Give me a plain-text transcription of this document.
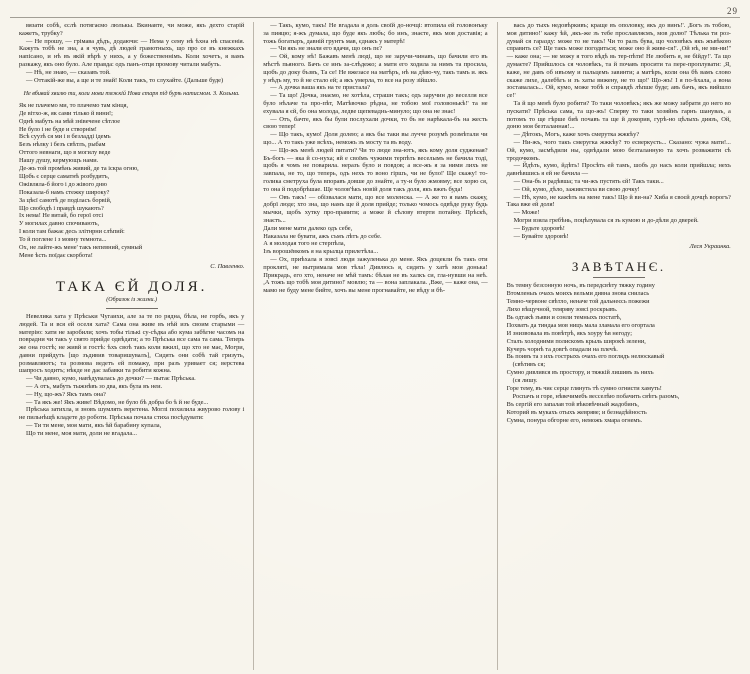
29

вязати собѣ, єслѣ потягаємо люлькы. Вкинавте, чи може, якъ дехто старій кажетъ, трубку?

— Не прошу, — грімава дѣдъ, додаючи: — Нема у сему нѣ ѣхна нѣ спасенія. Кажуть тобѣ не зна, а я чувъ, дѣ людей грамотныхъ, що про се въ кнежкахъ напісано, и нѣ въ якій вѣрѣ у нихъ, а у божественнімъ. Коли хочетъ, я вамъ разкажу, якъ оно було. Але правда: одъ панъ-отця промову читали мабуть.

— Нѣ, не знаю, — сказавъ той.

— Оттакій-же вы, а ще и те знай! Коли такъ, то слухайте. (Дальше буде)

Не вбивай хвилю ти, коли мови тяжкій Нова єтаря під бурѣ натисмом. З. Кольма.
Як не плачемо ми, то плачемо там кінця,
Де вітхо-ж, як сами тілько й вини!;
Однѣ мабуть на мѣй знівечене сѣтлое
Не було і не буде и створнім!
Всѣ суузѣ ся ми і в безладді ідемъ
Безъ нѣлку і безъ свѣтлъ, рыбам
Оттого невнаги, що в могилу веде
Нашу душу, кермующъ нами.
Де-жъ той промѣнь живий, де та іскра огню,
Щобъ є серце саматнѣ розбудитъ,
Ожівляла-б його і до жівого дню
Показала-б намъ стежку широку?
За цѣєї самотѣ де поділасъ борвій,
Що свободѣ і правдѣ шукають?
Іх нема! Не витай, бо герої отсі
У могилах давно спочивають,
І коли там бажає десь злітнрни слѣпий:
То й поглене і з мовну темнота...
Ох, не лайте-жъ мене' такъ непевний, сумный
Мене ѣсть поїдає скорбота!
С. Павленко.
ТАКА ЄЙ ДОЛЯ.
(Образок із жизни.)

Невелика хата у Прѣськи Чугаихи, але за те по рядна, бѣла, не горбъ, якъ у людей. Та и вся ей оселя хата? Сама она живе въ нѣй изъ своим старыми — матерію: хати не заробили; хочъ тобы тількі су-сѣдка або кума забѣгне часомъ на поврадни чи такъ у свято прийде одвѣдати; а то Прѣська все сама та сама. Теперь же она гостѣ; не живй и гостѣ: ѣхъ своѣ такъ коли вжилі, що хто не має, Могри, давни прийдуть [що зъдивив товаришувалъ], Сидять они собѣ тай гризуть, розмавляютъ; та розмова ведетъ ей помажу, при разъ уривает ся; верстева шапросъ ходитъ; нѣкде не дає забавки та робити кожна.

— Чи давно, кумо, навѣдувалась до дочки? — пытає Прѣська.

— А отъ, мабуть тыжнѣвъ зо два, якъ була въ неи.

— Ну, що-жъ? Якъ тамъ она?

— Та якъ же! Якъ живе! Вѣдомо, не було бѣ добра бо ѣ й не буде...

Прѣська затихла, и зновъ шумлять веретена. Моглі похилила жвурово голову і не пильнѣщѣ кладете до роботи. Прѣська почала стиха посѣдувати:

— Ти ти мене, моя мати, якъ ѣй барабину купала,

Що ти мене, моя мати, доли не вгадала...

— Такъ, кумо, такъ! Не вгадала я доль своїй до-ночці: втопила ей головонъку за пияцю; я-жъ думала, що буде якъ любъ; бо инъ, знаєте, якъ мов доставія; а тожь богатыръ, давній грунтъ мав, єднакъ у матерѣ!

— Чи якъ не знали его вдачи, що онъ пє?

— Ой, кому нѣ! Бажавъ менѣ люді, що не заручи-чинавъ, що бачили его въ мѣстѣ пьяного. Бачъ се инъ за-слѣдежо; а мати его ходила за нимъ та просила, щобъ до доку бъзвъ, Та се! Не вжезасе на матѣръ, нѣ на дѣво-чу, такъ тамъ и. якъ у нѣдъ му, то й не стало ей; а якъ умерла, то все на розу зійшло.

— А дочка ваша якъ на те пристала?

— Та що! Дочка, знаємо, не хотѣла, страшн такъ; одъ заручин до веселля все було нѣлаче та про-пѣт, Матѣвочко рѣдна, не тобою мої головонькѣ!' та не ехувала я єй, бо она молода, ледве щепеваднь-минуло; що она не знає!

— Отъ, бачте, якъ бы були послухали дочки, то бъ не нарѣкала-бъ на жесть свою тепер!

— Що такъ, кумо! Доля долею; а якъ бы таки вы лучче розумѣ розмѣтали чи що... А то такъ уже всѣхъ, неможъ зъ мосту та въ воду.

— Що-жъ менѣ людей питати? Чи то люде зна-ютъ, якъ кому доля судженая? Бъ-богъ — яка й со-нуха; яй е своїмъ чужими терпѣть веселымъ не бачила тоді, щобъ я чомъ не поварила. неразъ було и повдов; а все-жъ я за ними лихъ не завпала, не то, що теперь, одъ нехъ то воно гіршъ, чи не було!' Ще скажу! то-голика сметруха була впоравъ довше до знайте, а ту-и було жмовму; все хорю ся, то она й подобрѣшае. Ще чолов'ѣкъ новій доля такъ доля, якъ вжеъ буда!

— Овъ такъ! — обізвалася мати, що все моленска. — А же то я вамъ скажу, добрї люде; хто зна, що намъ ще й доля прийде; только чомось одвѣде руку будь мычки, щобъ хутку про-правити; а може й сѣлову втерти потайну. Прѣскѣ, знаєтъ...

Дали мене мати далеко одъ себе,

Наказала не бувати, ажъ съмъ лѣтъ до себе.

А я молодая того не стерпѣла,

Ізъ ворошёвкомъ я на крылца прилетѣла...

— Ох, приѣхала я зовсі люди зажуленька до мене. Якъ доцекли бъ такъ оти прокляті, не вытримала мов тѣла! Дивлюсь я, сидять у хатѣ мои донька! Прикрадь, его хто, неначе не мѣй тамъ: бѣлая не въ халкъ си, гла-нувши на неѣ. ,А тожъ що тобѣ моя дитино!' мовлю; та — вона заплакала. ,Вже, — каже она, — мамо не буду мене бийте, хочъ вы мене прогнавайте, не вѣду и бѣ-

вась до тыхъ недовѣркивъ; краще въ ополовку, якъ до винъ!'. ,Богъ зъ тобою, моя дитино!' кажу ѣй, ,якъ-же зъ тебе прославляємъ, мов долю!' Тѣлька ти роз-думай ся гаразду: може то не такъ! Чи то ралъ бува, що чоловѣкъ якъ жъвѣкою справить се? Ще такъ може погодиться; може оно й живе-ся!'. ,Ой нѣ, не ми-ни!'' — каже она; — не можу я того вѣдѣ вь тер-пѣти! Не любить я, не бійду!'. Та що думаєте? Прийшлось ся чоловѣкъ, та й почавъ просити та пере-проплувати: ,Я, каже, не давъ об ивъому и пальцемъ завинти; а матѣръ, коли она бѣ вамъ слово скаже лихе, далебѣгь и зъ хаты вижену, не то що!' Що-жъ! І я по-ѣхала, а вона зоставалась... Ой, кумо, може тобѣ и справдѣ лѣпше буде; авъ бачъ, якъ вийшло се!'

Та й що менѣ було робити? То таки чоловѣкъ; якъ же можу забрати до него во пускати? Прѣська сама, та що-жъ! Сперву то таки хозяйнъ гарнъ шануваъ, а потомъ то ще гѣрше биѣ почавъ та ще й докорив, гурѣ-но цѣлыхъ диязъ, Ой, доню моя безталанная!...

— Дѣтокъ, Могъ, каже хочъ смерутка жжкѣу?

— Ни-жъ, чого такъ смеругка жжкѣу? то есверкуєть... Сказано: чужа мати!... Ой, кумо, засмѣдили ны, одвѣдали мою безталанную та хочъ розважити сѣ тродочкомъ.

— Йдѣть, кумо, йдѣть! Просѣть ей тамъ, шобъ до насъ коли прийшла; нехъ давнѣвшись я ей не бачила —

— Она-бъ и радѣвша; та чи-жъ пустять єй! Такъ таки...

— Ой, кумо, дѣло, заживстила ви свою дочку!

— Нѣ, кумо, не кажѣть на мене такъ! Що й ви-на? Хиба я своєй дочцѣ ворогъ? Така вже ей доля!

— Може!

Могри взяла гребѣнь, поцѣлувала ся зъ кумою и до-дѣли до дверей.

— Будьте здоровѣ!

— Бувайте здоровѣ!

Леся Украинка.
ЗАВѢТАНЄ.
Въ темну безсонную ночь, въ передсвѣту тяжку годину
Втомленыъ очахъ моихъ вельми дивна знова снилась
Темно-червоне свѣтло, неначе той дальнеєсь пожежи
Лихо вѣщучной, темряву зовсі роскрывъ.
Вь одтакѣ зъяви и сонли темныхъ постатѣ,
Похватъ да тиндаа мов ницъ мала зламала его огортала
И знизвовала въ повѣтрѣ, якъ хоуру ѣв негоду;
Сталъ холодними полискомъ крыль широкѣ зелени,
Кучеръ чорнѣ та довгѣ опадали на плечѣ.
Вь поивъ та з ихъ гострыхъ очахъ его поглядъ нелюскавый
(свѣтивъ ся;
Сумно дивлився въ простору, и тяжкій лишивъ зь нихъ
(ся лишу.
Горе тему, въ чиє серце глянуть тѣ сумно огнисти хамуть!
Роспачъ и горе, нѣвечимебъ весселѣю побачить свѣтъ разомъ,
Въ сергій его запалав той вѣковѣчный жадобинъ,
Которий въ мукахъ отыхъ жевряве; и безнадѣйность
Сумна, понура обгорне его, неможъ хмара огнемъ.
